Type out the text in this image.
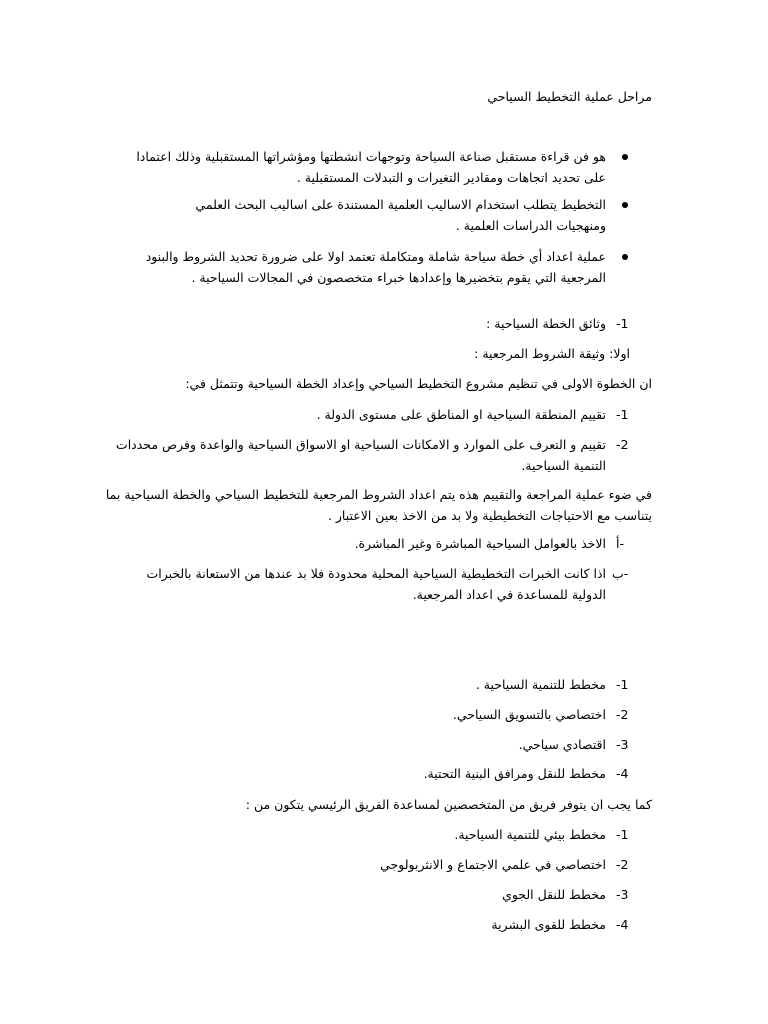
مراحل عملية التخطيط السياحي
هو فن قراءة مستقبل صناعة السياحة وتوجهات انشطتها ومؤشراتها المستقبلية وذلك اعتمادا على تحديد اتجاهات ومقادير التغيرات و التبدلات المستقبلية .
التخطيط يتطلب استخدام الاساليب العلمية المستندة على اساليب البحث العلمي ومنهجيات الدراسات العلمية .
عملية اعداد أي خطة سياحة شاملة ومتكاملة تعتمد اولا على ضرورة تحديد الشروط والبنود المرجعية التي يقوم بتخضيرها وإعدادها خبراء متخصصون في المجالات السياحية .
-1
وثائق الخطة السياحية :
اولا: وثيقة الشروط المرجعية :
ان الخطوة الاولى في تنظيم مشروع التخطيط السياحي وإعداد الخطة السياحية وتتمثل في:
-1
تقييم المنطقة السياحية او المناطق على مستوى الدولة .
-2
تقييم و التعرف على الموارد و الامكانات السياحية او الاسواق السياحية والواعدة وفرص محددات التنمية السياحية.
في ضوء عملية المراجعة والتقييم هذه يتم اعداد الشروط المرجعية للتخطيط السياحي والخطة السياحية بما يتناسب مع الاحتياجات التخطيطية ولا بد من الاخذ بعين الاعتبار .
أ-
الاخذ بالعوامل السياحية المباشرة وغير المباشرة.
ب-
اذا كانت الخبرات التخطيطية السياحية المحلية محدودة فلا بد عندها من الاستعانة بالخبرات الدولية للمساعدة في اعداد المرجعية.
-1
مخطط للتنمية السياحية .
-2
اختصاصي بالتسويق السياحي.
-3
اقتصادي سياحي.
-4
مخطط للنقل ومرافق البنية التحتية.
كما يجب ان يتوفر فريق من المتخصصين لمساعدة الفريق الرئيسي يتكون من :
-1
مخطط بيئي للتنمية السياحية.
-2
اختصاصي في علمي الاجتماع و الانثربولوجي
-3
مخطط للنقل الجوي
-4
مخطط للقوى البشرية
